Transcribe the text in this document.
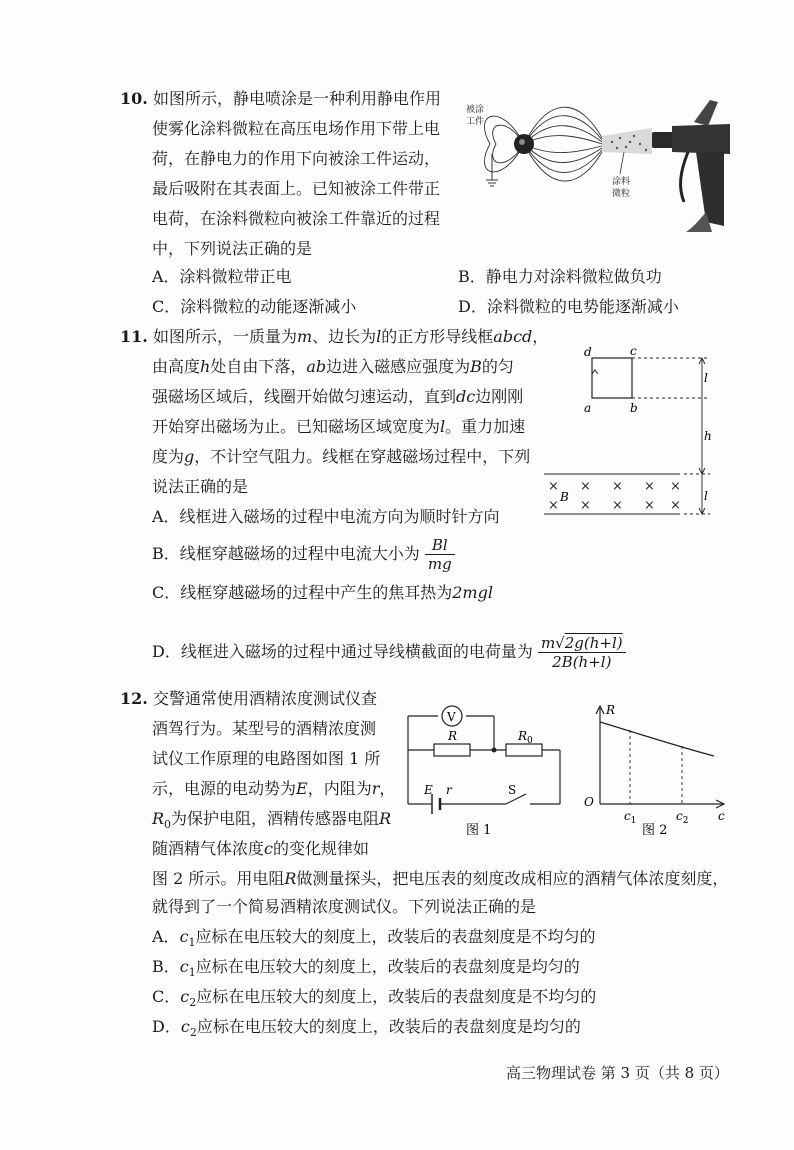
10. 如图所示，静电喷涂是一种利用静电作用
使雾化涂料微粒在高压电场作用下带上电
荷，在静电力的作用下向被涂工件运动，
最后吸附在其表面上。已知被涂工件带正
电荷，在涂料微粒向被涂工件靠近的过程
中，下列说法正确的是
被涂
工件
涂料
微粒
A．涂料微粒带正电	B．静电力对涂料微粒做负功
C．涂料微粒的动能逐渐减小	D．涂料微粒的电势能逐渐减小
11. 如图所示，一质量为m、边长为l的正方形导线框abcd，
由高度h处自由下落，ab边进入磁感应强度为B的匀
强磁场区域后，线圈开始做匀速运动，直到dc边刚刚
开始穿出磁场为止。已知磁场区域宽度为l。重力加速
度为g，不计空气阻力。线框在穿越磁场过程中，下列
说法正确的是
d	c
a	b
l
h
l
× × × × ×
× × × × ×
B
A．线框进入磁场的过程中电流方向为顺时针方向
B．线框穿越磁场的过程中电流大小为 $\frac{Bl}{mg}$
C．线框穿越磁场的过程中产生的焦耳热为2mgl
D．线框进入磁场的过程中通过导线横截面的电荷量为 $\frac{m√2g(h+l)}{2B(h+l)}$
12. 交警通常使用酒精浓度测试仪查
酒驾行为。某型号的酒精浓度测
试仪工作原理的电路图如图 1 所
示，电源的电动势为E，内阻为r，
$R_0$为保护电阻，酒精传感器电阻R
随酒精气体浓度c的变化规律如
图 2 所示。用电阻R做测量探头，把电压表的刻度改成相应的酒精气体浓度刻度，
就得到了一个简易酒精浓度测试仪。下列说法正确的是
V
R	$R_0$
E r	S
图 1
R
O
$c_1$	$c_2$ c
图 2
A．$c_1$应标在电压较大的刻度上，改装后的表盘刻度是不均匀的
B．$c_1$应标在电压较大的刻度上，改装后的表盘刻度是均匀的
C．$c_2$应标在电压较大的刻度上，改装后的表盘刻度是不均匀的
D．$c_2$应标在电压较大的刻度上，改装后的表盘刻度是均匀的
高三物理试卷 第 3 页（共 8 页）
